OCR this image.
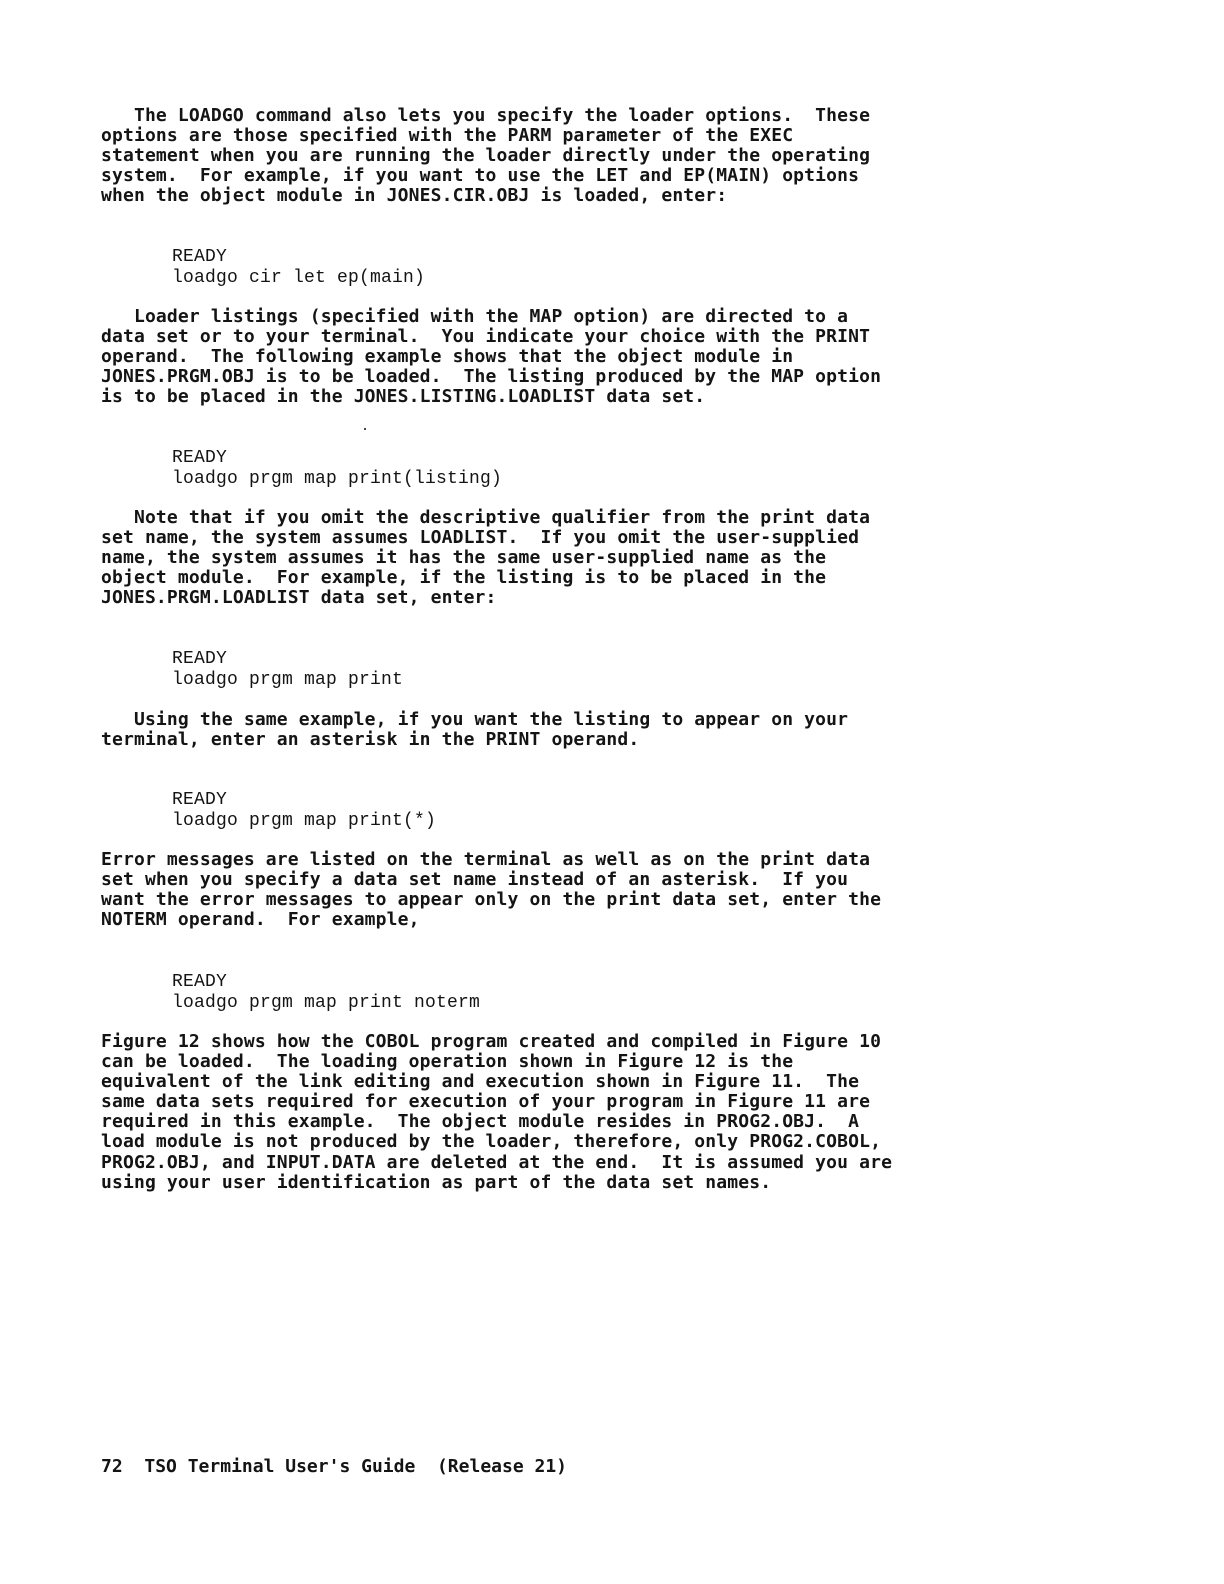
The LOADGO command also lets you specify the loader options.  These
options are those specified with the PARM parameter of the EXEC
statement when you are running the loader directly under the operating
system.  For example, if you want to use the LET and EP(MAIN) options
when the object module in JONES.CIR.OBJ is loaded, enter:

READY
loadgo cir let ep(main)

Loader listings (specified with the MAP option) are directed to a
data set or to your terminal.  You indicate your choice with the PRINT
operand.  The following example shows that the object module in
JONES.PRGM.OBJ is to be loaded.  The listing produced by the MAP option
is to be placed in the JONES.LISTING.LOADLIST data set.

READY
loadgo prgm map print(listing)

Note that if you omit the descriptive qualifier from the print data
set name, the system assumes LOADLIST.  If you omit the user-supplied
name, the system assumes it has the same user-supplied name as the
object module.  For example, if the listing is to be placed in the
JONES.PRGM.LOADLIST data set, enter:

READY
loadgo prgm map print

Using the same example, if you want the listing to appear on your
terminal, enter an asterisk in the PRINT operand.

READY
loadgo prgm map print(*)

Error messages are listed on the terminal as well as on the print data
set when you specify a data set name instead of an asterisk.  If you
want the error messages to appear only on the print data set, enter the
NOTERM operand.  For example,

READY
loadgo prgm map print noterm

Figure 12 shows how the COBOL program created and compiled in Figure 10
can be loaded.  The loading operation shown in Figure 12 is the
equivalent of the link editing and execution shown in Figure 11.  The
same data sets required for execution of your program in Figure 11 are
required in this example.  The object module resides in PROG2.OBJ.  A
load module is not produced by the loader, therefore, only PROG2.COBOL,
PROG2.OBJ, and INPUT.DATA are deleted at the end.  It is assumed you are
using your user identification as part of the data set names.

72 TSO Terminal User's Guide  (Release 21)
